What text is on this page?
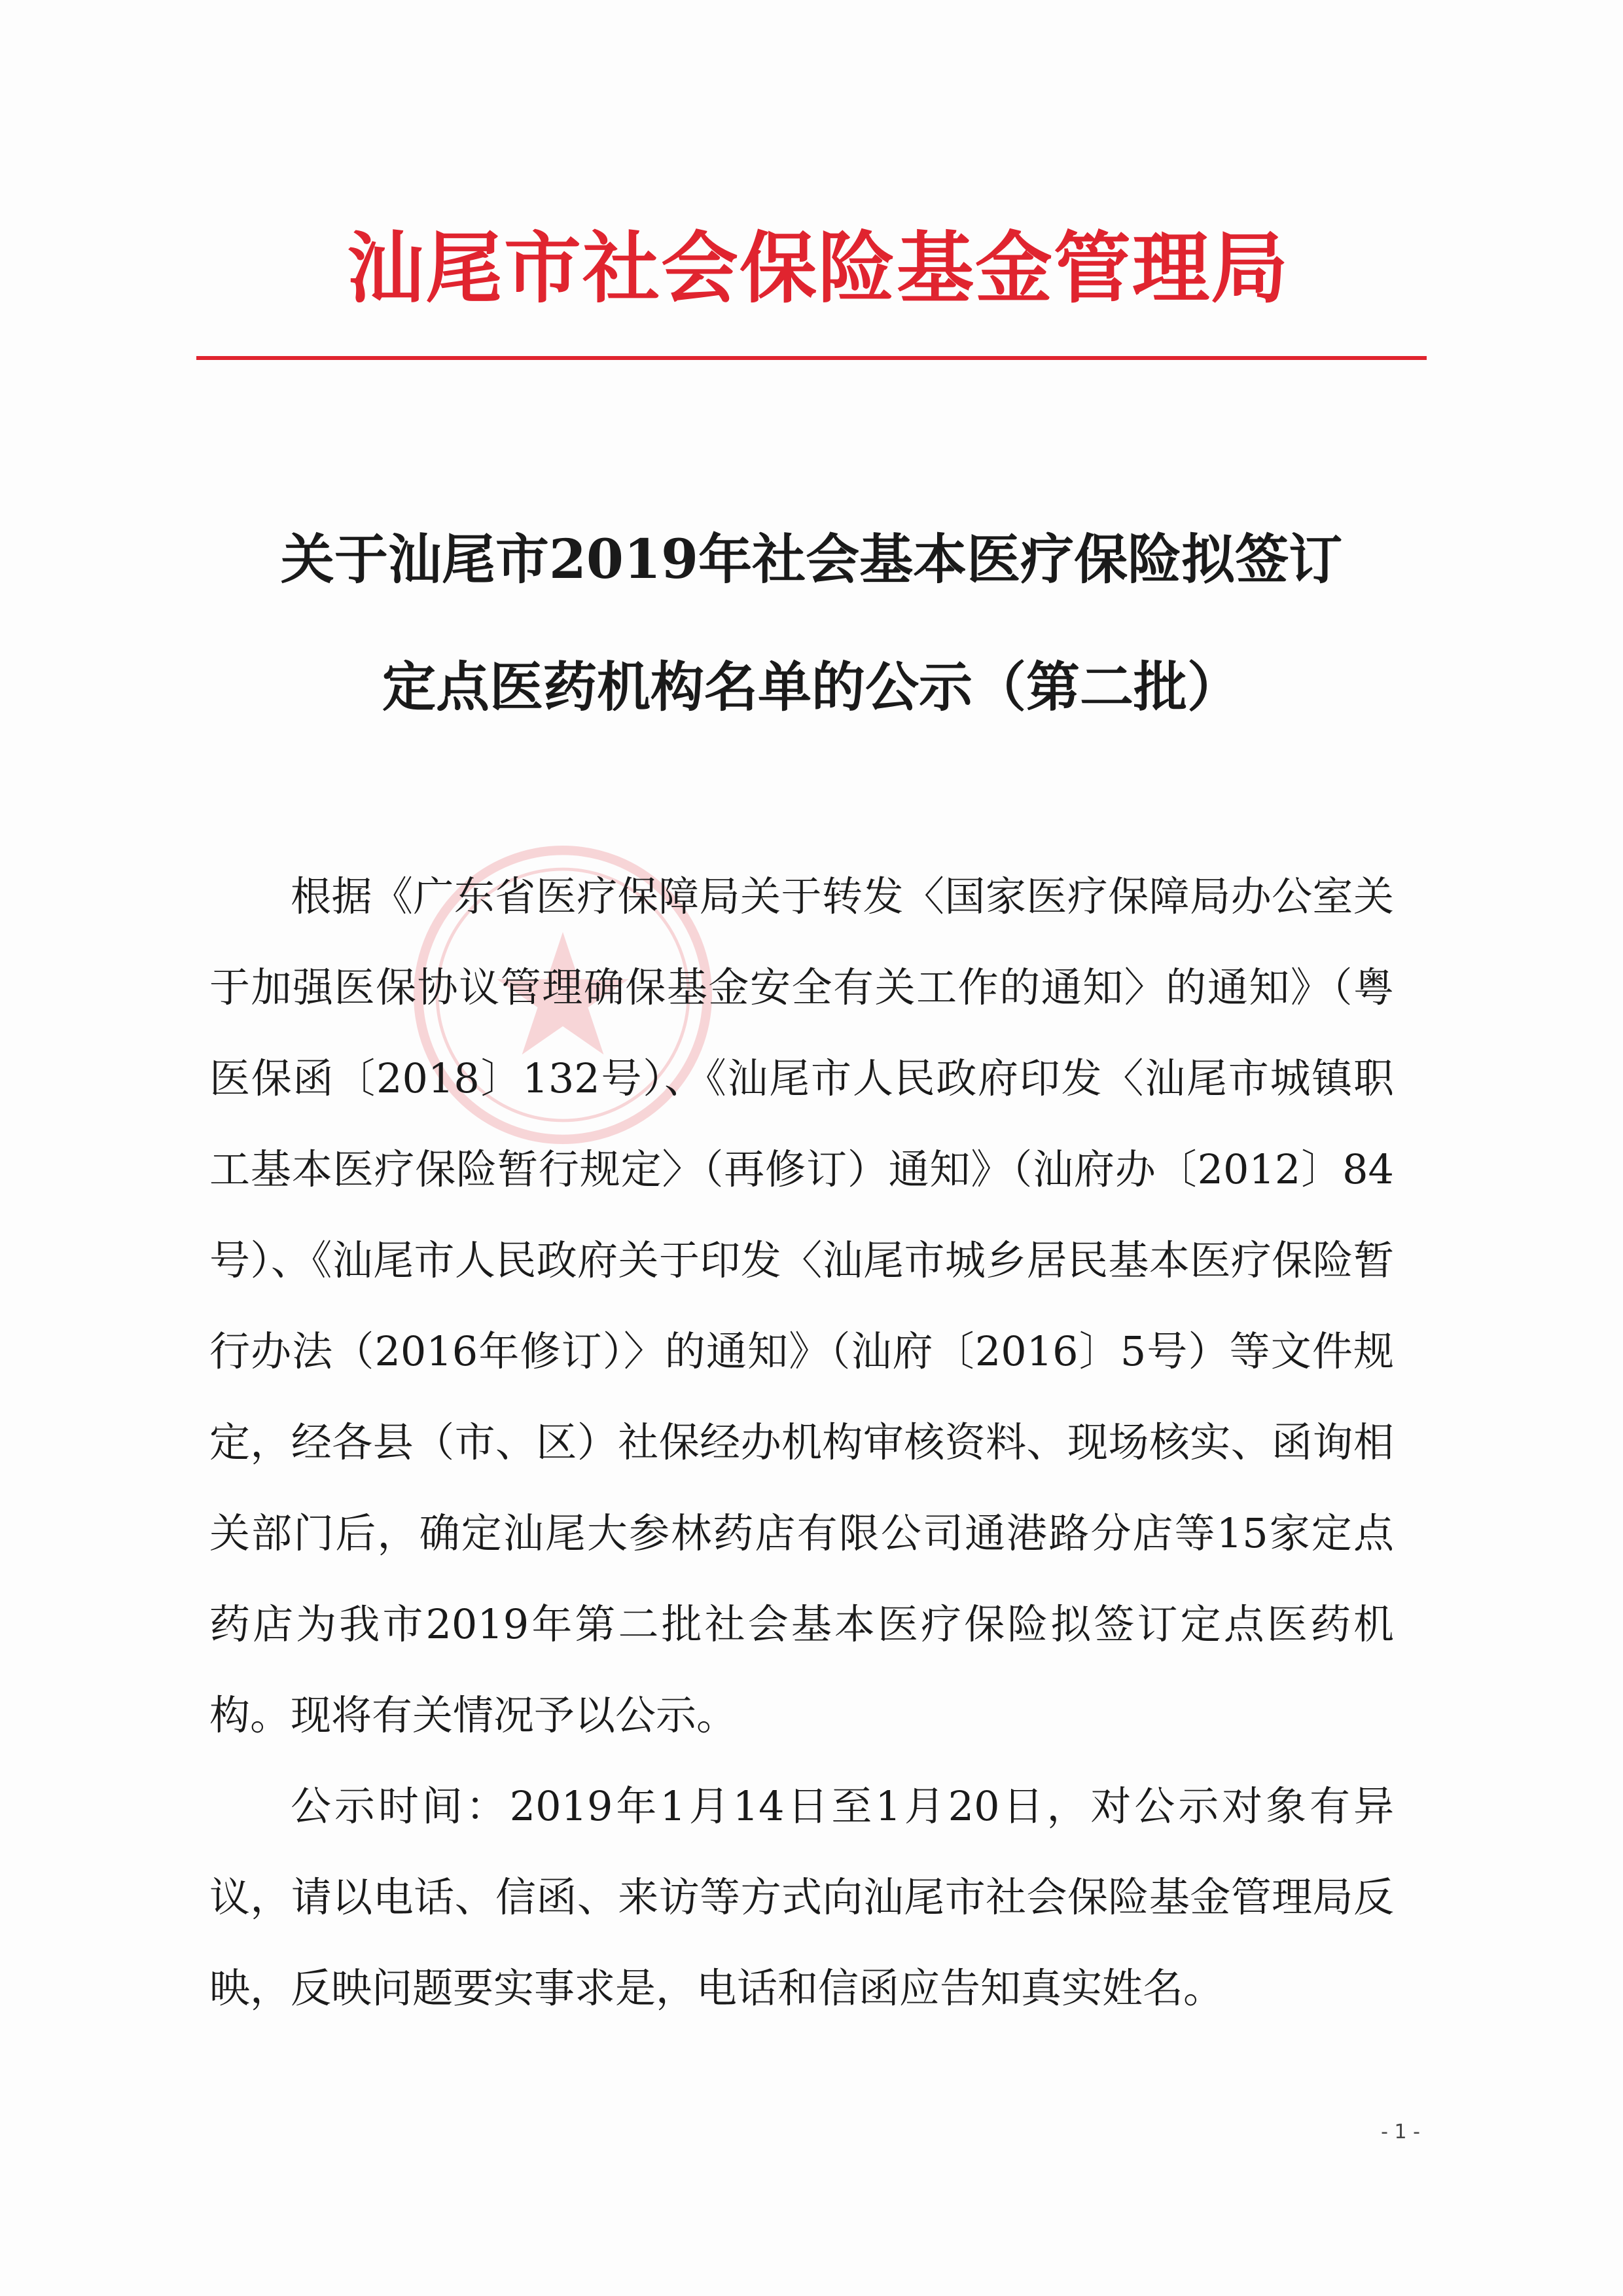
汕尾市社会保险基金管理局
关于汕尾市2019年社会基本医疗保险拟签订
定点医药机构名单的公示（第二批）

根据《广东省医疗保障局关于转发〈国家医疗保障局办公室关于加强医保协议管理确保基金安全有关工作的通知〉的通知》（粤医保函〔2018〕132号）、《汕尾市人民政府印发〈汕尾市城镇职工基本医疗保险暂行规定〉（再修订）通知》（汕府办〔2012〕84号）、《汕尾市人民政府关于印发〈汕尾市城乡居民基本医疗保险暂行办法（2016年修订）〉的通知》（汕府〔2016〕5号）等文件规定，经各县（市、区）社保经办机构审核资料、现场核实、函询相关部门后，确定汕尾大参林药店有限公司通港路分店等15家定点药店为我市2019年第二批社会基本医疗保险拟签订定点医药机构。现将有关情况予以公示。

公示时间：2019年1月14日至1月20日，对公示对象有异议，请以电话、信函、来访等方式向汕尾市社会保险基金管理局反映，反映问题要实事求是，电话和信函应告知真实姓名。

- 1 -
